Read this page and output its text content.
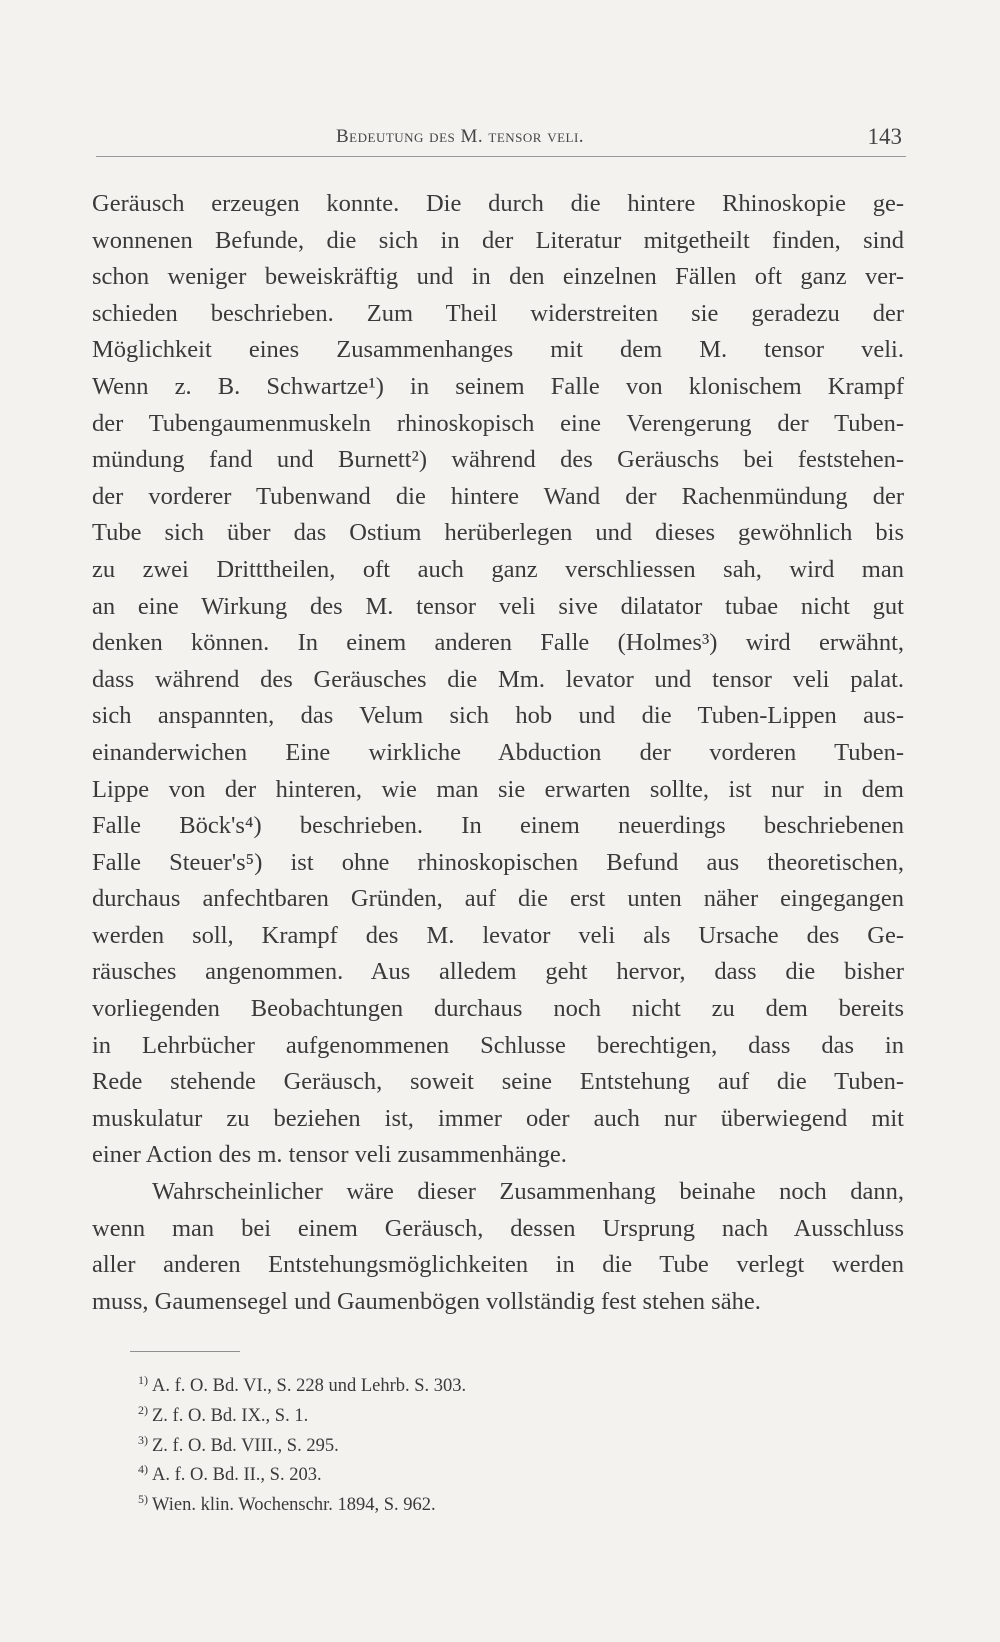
Bedeutung des M. tensor veli.	143
Geräusch erzeugen konnte. Die durch die hintere Rhinoskopie ge-
wonnenen Befunde, die sich in der Literatur mitgetheilt finden, sind
schon weniger beweiskräftig und in den einzelnen Fällen oft ganz ver-
schieden beschrieben. Zum Theil widerstreiten sie geradezu der
Möglichkeit eines Zusammenhanges mit dem M. tensor veli.
Wenn z. B. Schwartze¹) in seinem Falle von klonischem Krampf
der Tubengaumenmuskeln rhinoskopisch eine Verengerung der Tuben-
mündung fand und Burnett²) während des Geräuschs bei feststehen-
der vorderer Tubenwand die hintere Wand der Rachenmündung der
Tube sich über das Ostium herüberlegen und dieses gewöhnlich bis
zu zwei Dritttheilen, oft auch ganz verschliessen sah, wird man
an eine Wirkung des M. tensor veli sive dilatator tubae nicht gut
denken können. In einem anderen Falle (Holmes³) wird erwähnt,
dass während des Geräusches die Mm. levator und tensor veli palat.
sich anspannten, das Velum sich hob und die Tuben-Lippen aus-
einanderwichen Eine wirkliche Abduction der vorderen Tuben-
Lippe von der hinteren, wie man sie erwarten sollte, ist nur in dem
Falle Böck's⁴) beschrieben. In einem neuerdings beschriebenen
Falle Steuer's⁵) ist ohne rhinoskopischen Befund aus theoretischen,
durchaus anfechtbaren Gründen, auf die erst unten näher eingegangen
werden soll, Krampf des M. levator veli als Ursache des Ge-
räusches angenommen. Aus alledem geht hervor, dass die bisher
vorliegenden Beobachtungen durchaus noch nicht zu dem bereits
in Lehrbücher aufgenommenen Schlusse berechtigen, dass das in
Rede stehende Geräusch, soweit seine Entstehung auf die Tuben-
muskulatur zu beziehen ist, immer oder auch nur überwiegend mit
einer Action des m. tensor veli zusammenhänge.
Wahrscheinlicher wäre dieser Zusammenhang beinahe noch dann,
wenn man bei einem Geräusch, dessen Ursprung nach Ausschluss
aller anderen Entstehungsmöglichkeiten in die Tube verlegt werden
muss, Gaumensegel und Gaumenbögen vollständig fest stehen sähe.
$^{1)}$ A. f. O. Bd. VI., S. 228 und Lehrb. S. 303.
$^{2)}$ Z. f. O. Bd. IX., S. 1.
$^{3)}$ Z. f. O. Bd. VIII., S. 295.
$^{4)}$ A. f. O. Bd. II., S. 203.
$^{5)}$ Wien. klin. Wochenschr. 1894, S. 962.
